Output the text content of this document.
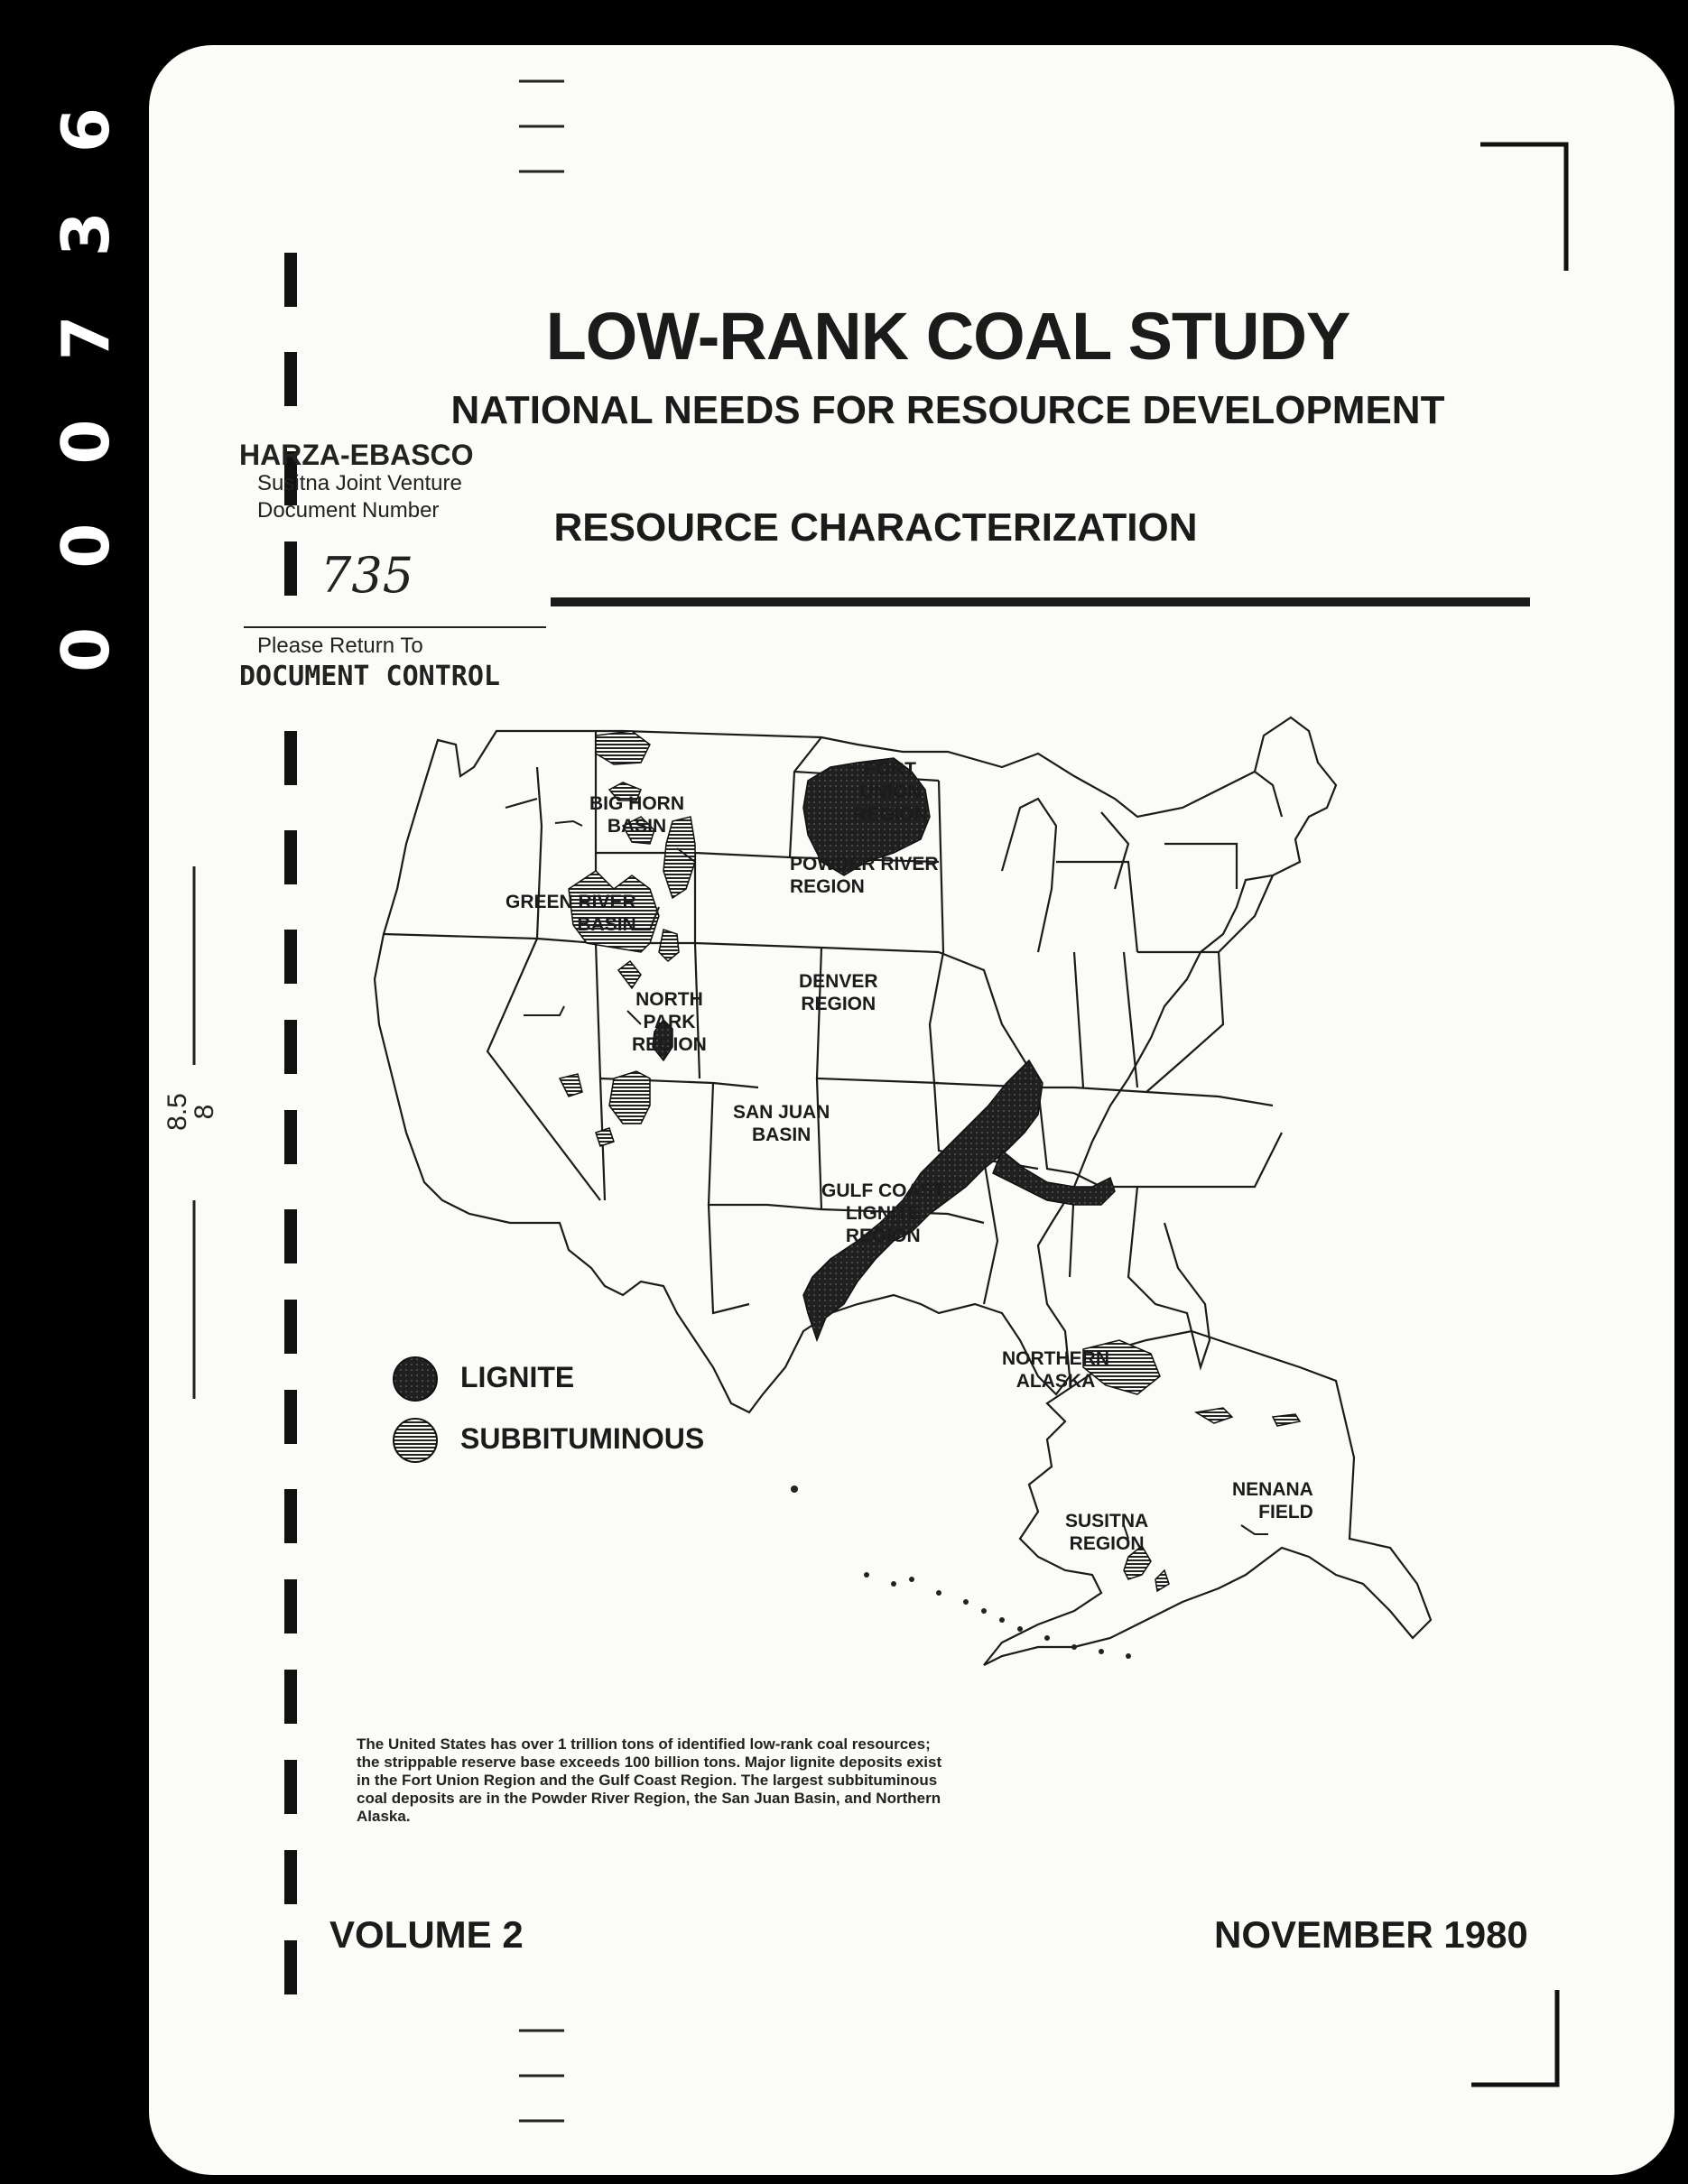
0 0 0 7 3 6
8.5
8
LOW-RANK COAL STUDY
NATIONAL NEEDS FOR RESOURCE DEVELOPMENT
RESOURCE CHARACTERIZATION
HARZA-EBASCO
Susitna Joint Venture
Document Number
735
Please Return To
DOCUMENT CONTROL
FORT
UNION
REGION
BIG HORN
BASIN
POWDER RIVER
REGION
GREEN RIVER
BASIN
DENVER
REGION
NORTH
PARK
REGION
SAN JUAN
BASIN
GULF COAST
LIGNITE
REGION
NORTHERN
ALASKA
NENANA
FIELD
SUSITNA
REGION
LIGNITE
SUBBITUMINOUS
The United States has over 1 trillion tons of identified low-rank coal resources; the strippable reserve base exceeds 100 billion tons. Major lignite deposits exist in the Fort Union Region and the Gulf Coast Region. The largest subbituminous coal deposits are in the Powder River Region, the San Juan Basin, and Northern Alaska.
VOLUME 2	NOVEMBER 1980
